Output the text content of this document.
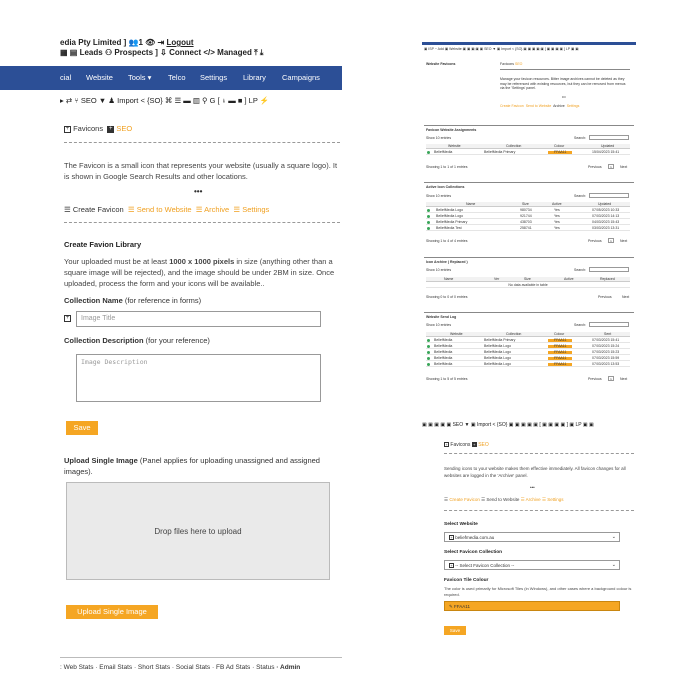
edia Pty Limited ] 👥1 👁 ⇥ Logout
▦ ▤ Leads ⚇ Prospects ] ⇩ Connect </> Managed ⤒ ⤓
cial Website Tools ▾ Telco Settings Library Campaigns
▸ ⇄ ⑂ SEO ▼ ♟ Import < {SO} ⌘ ☰ ▬ ▥ ⚲ G [ ⤓ ▬ ■ ] LP ⚡
+ Favicons + SEO
The Favicon is a small icon that represents your website (usually a square logo). It is shown in Google Search Results and other locations.
•••
☰ Create Favicon ☰ Send to Website ☰ Archive ☰ Settings
Create Favion Library
Your uploaded must be at least 1000 x 1000 pixels in size (anything other than a square image will be rejected), and the image should be under 2BM in size. Once uploaded, process the form and your icons will be available..
Collection Name (for reference in forms)
+	Image Title
Collection Description (for your reference)
Image Description
Save
Upload Single Image (Panel applies for uploading unassigned and assigned images).
Drop files here to upload
Upload Single Image
: Web Stats · Email Stats · Short Stats · Social Stats · FB Ad Stats · Status · Admin
▣ ISP ~ Add ▣ Website ▣ ▣ ▣ ▣ ▣ SEO ▼ ▣ Import < {SO} ▣ ▣ ▣ ▣ ▣ [ ▣ ▣ ▣ ▣ ] LP ▣ ▣
Website Favicons	Favicons SEO
Manage your favicon resources. Bitter image archives cannot be deleted as they may be referenced with existing resources, but they can be removed from menus via the 'Settings' panel.
•••
Create Favicon Send to Website Archive Settings
Favicon Website Assignments
Show 10 entries	Search:
Website	Collection	Colour	Updated
BeliefMedia	BeliefMedia Primary	FFAA11	15/04/2023 15:41
Showing 1 to 1 of 1 entries	Previous	1	Next
Active Icon Collections
Show 10 entries	Search:
Name	Size	Active	Updated
BeliefMedia Logo	980734	Yes	07/05/2023 10:33
BeliefMedia Logo	921744	Yes	07/03/2023 14:13
BeliefMedia Primary	438703	Yes	04/03/2023 15:43
BeliefMedia Test	258741	Yes	03/03/2023 13:31
Showing 1 to 4 of 4 entries	Previous	1	Next
Icon Archive ( Replaced )
Show 10 entries	Search:
Name	Ver	Size	Active	Replaced
No data available in table
Showing 0 to 0 of 0 entries	Previous	Next
Website Send Log
Show 10 entries	Search:
Website	Collection	Colour	Sent
BeliefMedia	BeliefMedia Primary	FFAA11	07/03/2023 15:41
BeliefMedia	BeliefMedia Logo	FFAA11	07/03/2023 15:24
BeliefMedia	BeliefMedia Logo	FFAA11	07/03/2023 15:23
BeliefMedia	BeliefMedia Logo	FFAA11	07/03/2023 15:59
BeliefMedia	BeliefMedia Logo	FFAA11	07/03/2023 13:53
Showing 1 to 5 of 5 entries	Previous	1	Next
▣ ▣ ▣ ▣ ▣ SEO ▼ ▣ Import < {SO} ▣ ▣ ▣ ▣ ▣ [ ▣ ▣ ▣ ▣ ] ▣ LP ▣ ▣
+ Favicons + SEO
Sending icons to your website makes them effective immediately. All favicon changes for all websites are logged in the 'Archive' panel.
•••
☰ Create Favicon ☰ Send to Website ☰ Archive ☰ Settings
Select Website
+ beliefmedia.com.au	⌄
Select Favicon Collection
+ -- Select Favicon Collection --	⌄
Favicon Tile Colour
The color is used primarily for Microsoft Tiles (in Windows), and other cases where a background colour is required.
✎ FFAA11
Save
